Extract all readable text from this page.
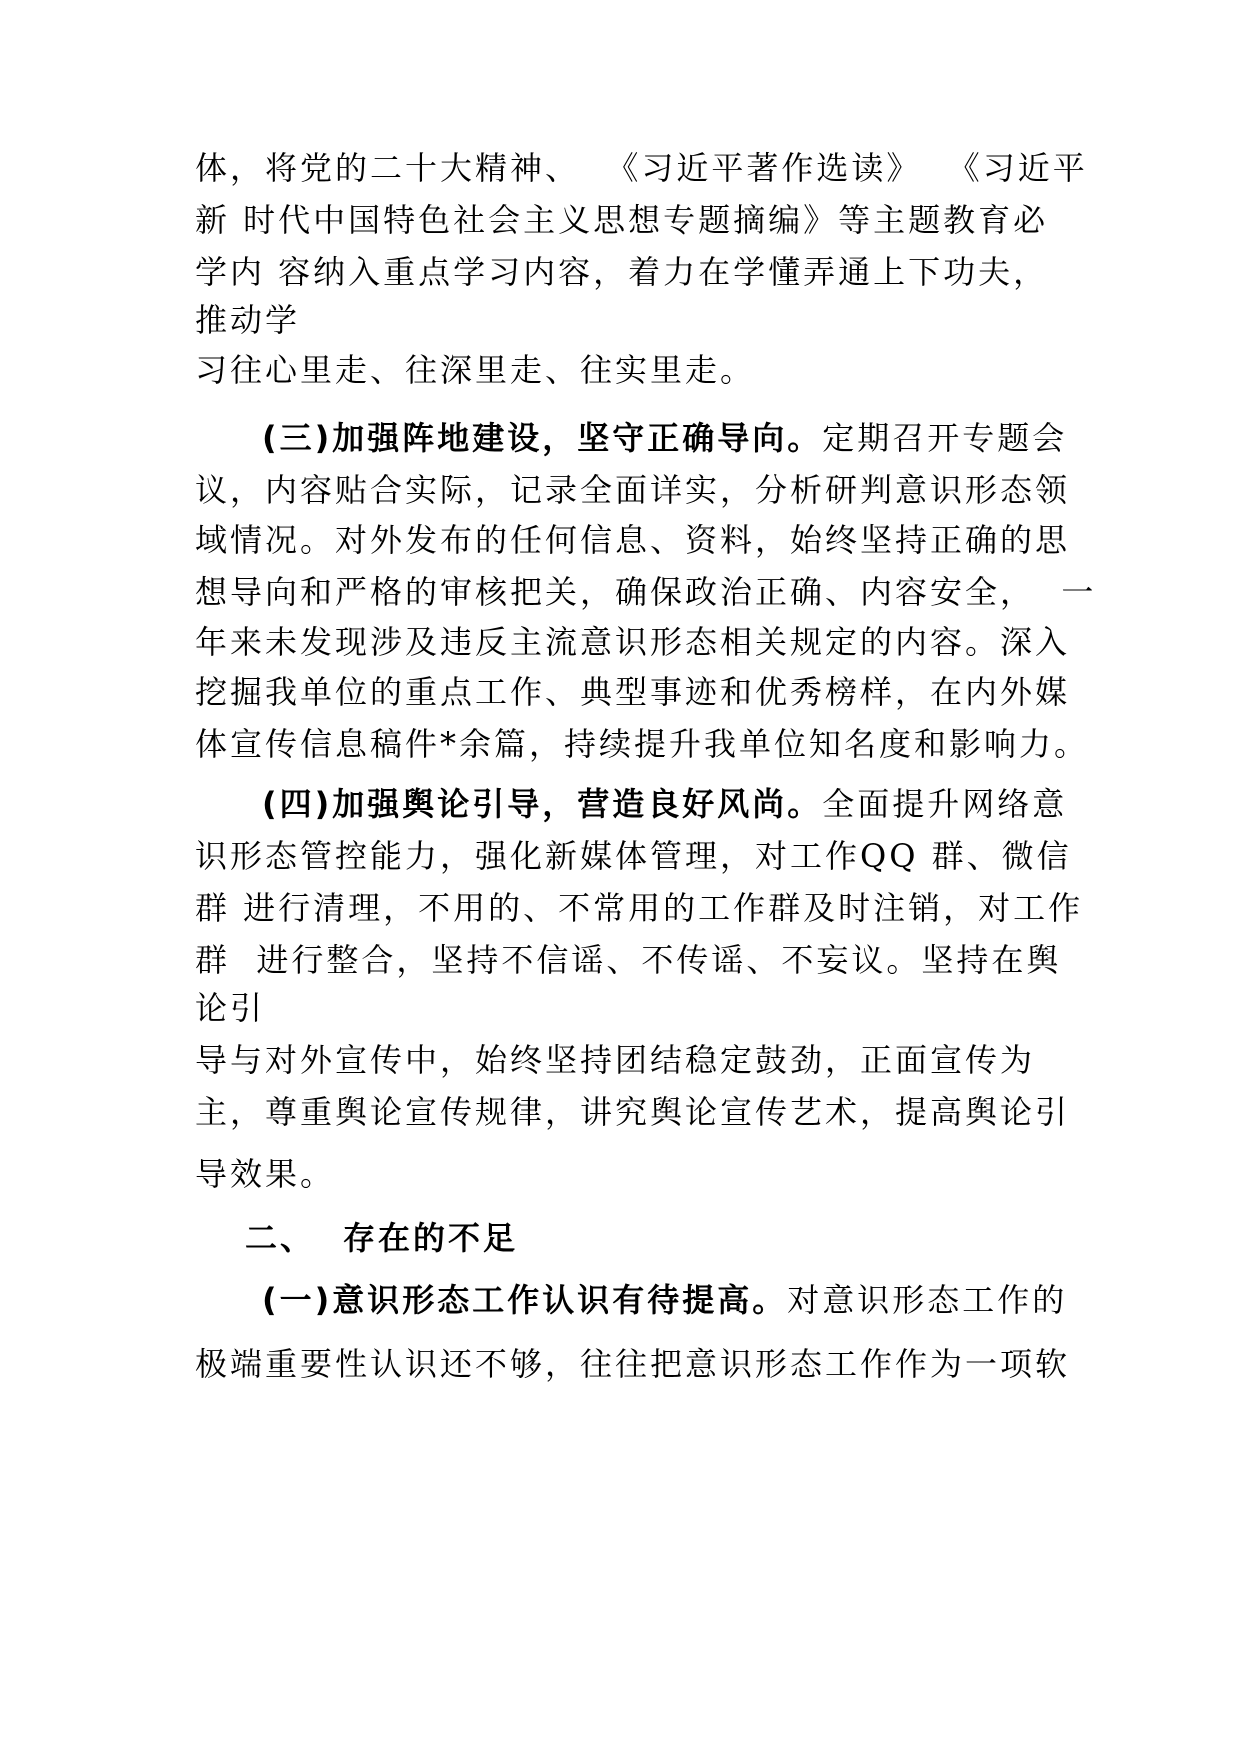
体，将党的二十大精神、  《习近平著作选读》  《习近平
新 时代中国特色社会主义思想专题摘编》等主题教育必
学内 容纳入重点学习内容，着力在学懂弄通上下功夫，
推动学
习往心里走、往深里走、往实里走。
(三)加强阵地建设，坚守正确导向。定期召开专题会
议，内容贴合实际，记录全面详实，分析研判意识形态领
域情况。对外发布的任何信息、资料，始终坚持正确的思
想导向和严格的审核把关，确保政治正确、内容安全，  一
年来未发现涉及违反主流意识形态相关规定的内容。深入
挖掘我单位的重点工作、典型事迹和优秀榜样，在内外媒
体宣传信息稿件*余篇，持续提升我单位知名度和影响力。
(四)加强舆论引导，营造良好风尚。全面提升网络意
识形态管控能力，强化新媒体管理，对工作QQ 群、微信
群 进行清理，不用的、不常用的工作群及时注销，对工作
群  进行整合，坚持不信谣、不传谣、不妄议。坚持在舆
论引
导与对外宣传中，始终坚持团结稳定鼓劲，正面宣传为
主，尊重舆论宣传规律，讲究舆论宣传艺术，提高舆论引
导效果。
二、 存在的不足
(一)意识形态工作认识有待提高。对意识形态工作的
极端重要性认识还不够，往往把意识形态工作作为一项软
